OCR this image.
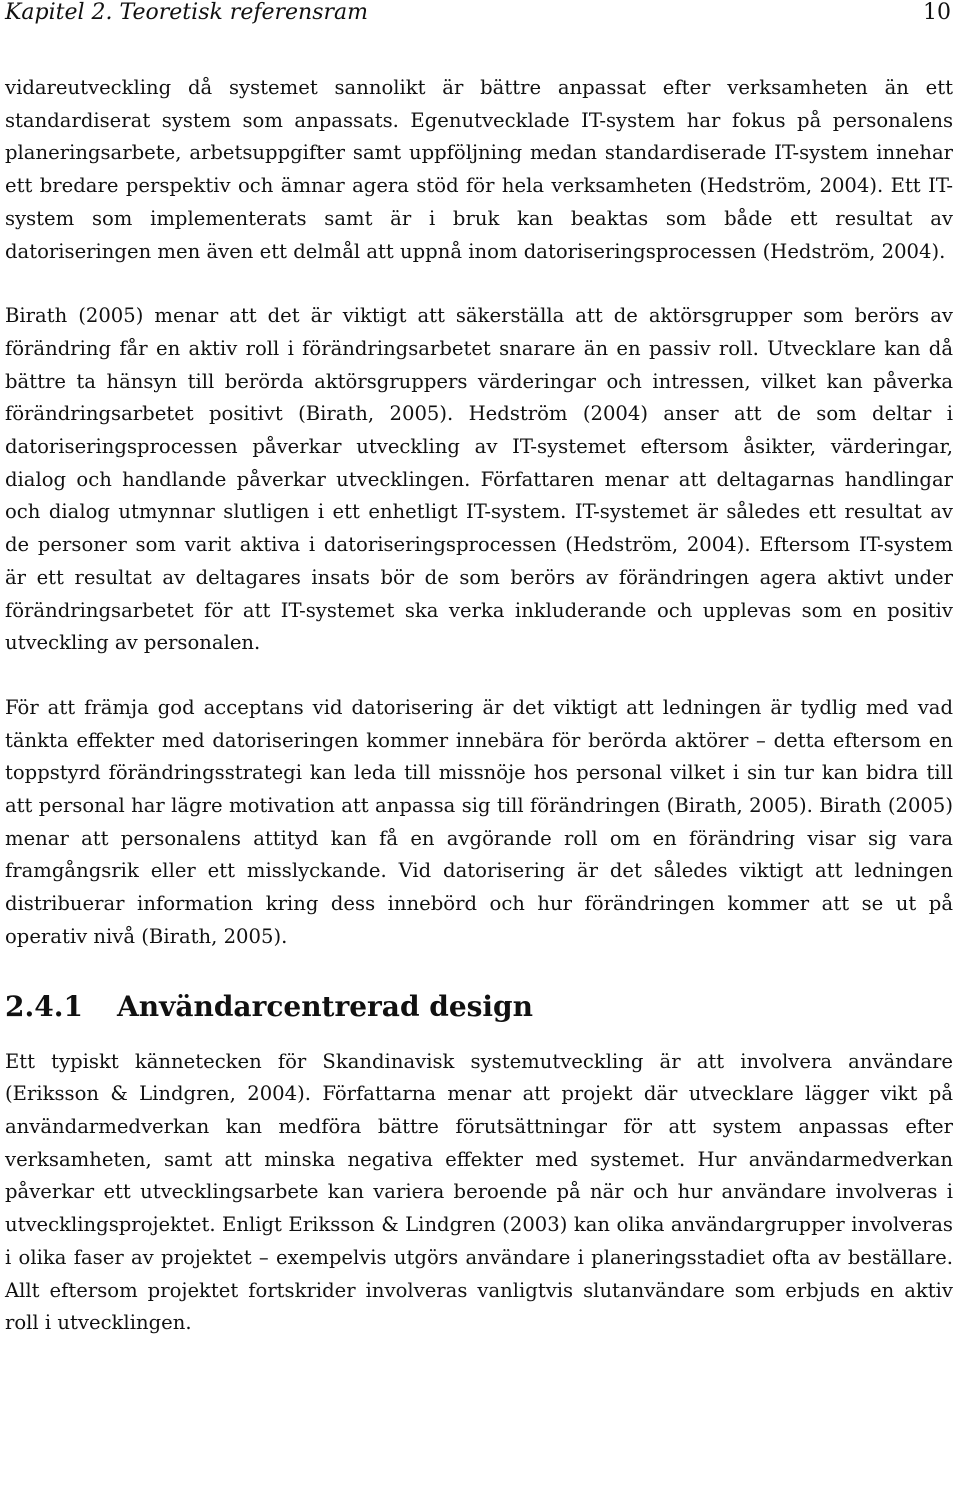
Kapitel 2. Teoretisk referensram	10

vidareutveckling då systemet sannolikt är bättre anpassat efter verksamheten än ett standardiserat system som anpassats. Egenutvecklade IT-system har fokus på personalens planeringsarbete, arbetsuppgifter samt uppföljning medan standardiserade IT-system innehar ett bredare perspektiv och ämnar agera stöd för hela verksamheten (Hedström, 2004). Ett IT-system som implementerats samt är i bruk kan beaktas som både ett resultat av datoriseringen men även ett delmål att uppnå inom datoriseringsprocessen (Hedström, 2004).

Birath (2005) menar att det är viktigt att säkerställa att de aktörsgrupper som berörs av förändring får en aktiv roll i förändringsarbetet snarare än en passiv roll. Utvecklare kan då bättre ta hänsyn till berörda aktörsgruppers värderingar och intressen, vilket kan påverka förändringsarbetet positivt (Birath, 2005). Hedström (2004) anser att de som deltar i datoriseringsprocessen påverkar utveckling av IT-systemet eftersom åsikter, värderingar, dialog och handlande påverkar utvecklingen. Författaren menar att deltagarnas handlingar och dialog utmynnar slutligen i ett enhetligt IT-system. IT-systemet är således ett resultat av de personer som varit aktiva i datoriseringsprocessen (Hedström, 2004). Eftersom IT-system är ett resultat av deltagares insats bör de som berörs av förändringen agera aktivt under förändringsarbetet för att IT-systemet ska verka inkluderande och upplevas som en positiv utveckling av personalen.

För att främja god acceptans vid datorisering är det viktigt att ledningen är tydlig med vad tänkta effekter med datoriseringen kommer innebära för berörda aktörer – detta eftersom en toppstyrd förändringsstrategi kan leda till missnöje hos personal vilket i sin tur kan bidra till att personal har lägre motivation att anpassa sig till förändringen (Birath, 2005). Birath (2005) menar att personalens attityd kan få en avgörande roll om en förändring visar sig vara framgångsrik eller ett misslyckande. Vid datorisering är det således viktigt att ledningen distribuerar information kring dess innebörd och hur förändringen kommer att se ut på operativ nivå (Birath, 2005).

2.4.1	Användarcentrerad design

Ett typiskt kännetecken för Skandinavisk systemutveckling är att involvera användare (Eriksson & Lindgren, 2004). Författarna menar att projekt där utvecklare lägger vikt på användarmedverkan kan medföra bättre förutsättningar för att system anpassas efter verksamheten, samt att minska negativa effekter med systemet. Hur användarmedverkan påverkar ett utvecklingsarbete kan variera beroende på när och hur användare involveras i utvecklingsprojektet. Enligt Eriksson & Lindgren (2003) kan olika användargrupper involveras i olika faser av projektet – exempelvis utgörs användare i planeringsstadiet ofta av beställare. Allt eftersom projektet fortskrider involveras vanligtvis slutanvändare som erbjuds en aktiv roll i utvecklingen.
